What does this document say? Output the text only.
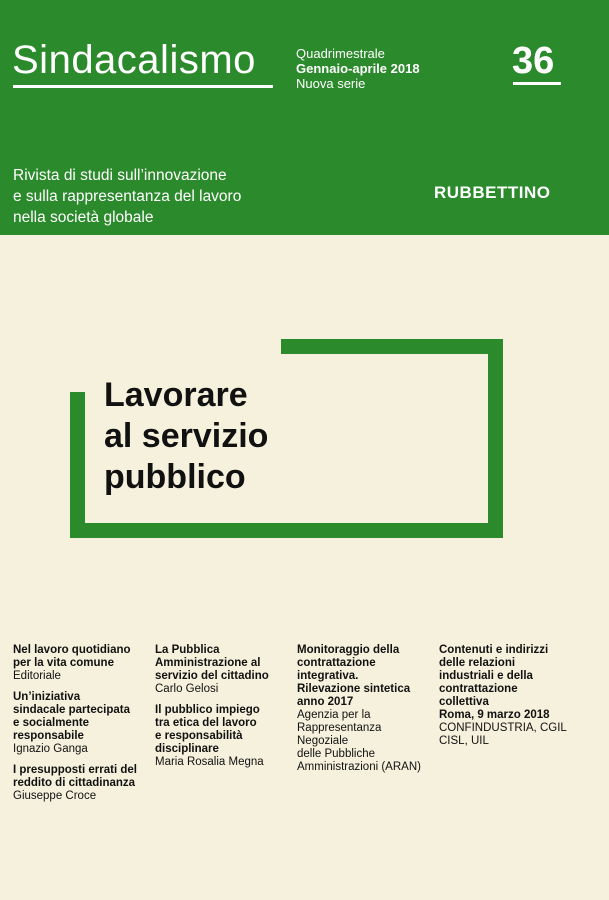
Sindacalismo	Quadrimestrale
Gennaio-aprile 2018
Nuova serie
36
Rivista di studi sull’innovazione
e sulla rappresentanza del lavoro
nella società globale
RUBBETTINO
Lavorare
al servizio
pubblico
Nel lavoro quotidiano
per la vita comune
Editoriale
Un’iniziativa
sindacale partecipata
e socialmente
responsabile
Ignazio Ganga
I presupposti errati del
reddito di cittadinanza
Giuseppe Croce
La Pubblica
Amministrazione al
servizio del cittadino
Carlo Gelosi
Il pubblico impiego
tra etica del lavoro
e responsabilità
disciplinare
Maria Rosalia Megna
Monitoraggio della
contrattazione
integrativa.
Rilevazione sintetica
anno 2017
Agenzia per la
Rappresentanza
Negoziale
delle Pubbliche
Amministrazioni (ARAN)
Contenuti e indirizzi
delle relazioni
industriali e della
contrattazione
collettiva
Roma, 9 marzo 2018
CONFINDUSTRIA, CGIL
CISL, UIL
